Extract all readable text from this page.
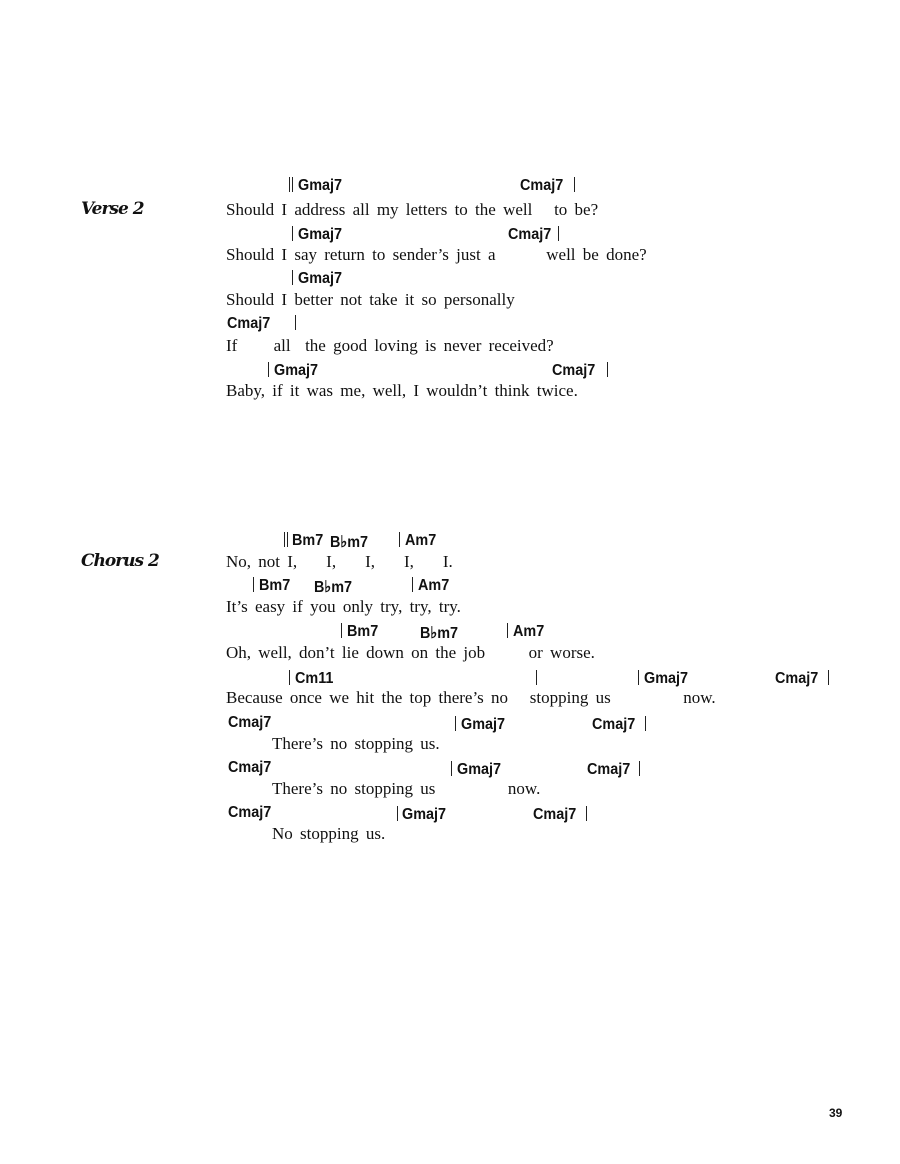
Verse 2
Gmaj7	Cmaj7
Should I address all my letters to the well   to be?
Gmaj7	Cmaj7
Should I say return to sender’s just a       well be done?
Gmaj7
Should I better not take it so personally
Cmaj7
If     all  the good loving is never received?
Gmaj7	Cmaj7
Baby, if it was me, well, I wouldn’t think twice.
Chorus 2
Bm7 B♭m7 Am7
No, not I,    I,    I,    I,    I.
Bm7 B♭m7	Am7
It’s easy if you only try, try, try.
Bm7	B♭m7	Am7
Oh, well, don’t lie down on the job      or worse.
Cm11	Gmaj7	Cmaj7
Because once we hit the top there’s no   stopping us          now.
Cmaj7	Gmaj7	Cmaj7
There’s no stopping us.
Cmaj7	Gmaj7	Cmaj7
There’s no stopping us          now.
Cmaj7	Gmaj7	Cmaj7
No stopping us.
39
